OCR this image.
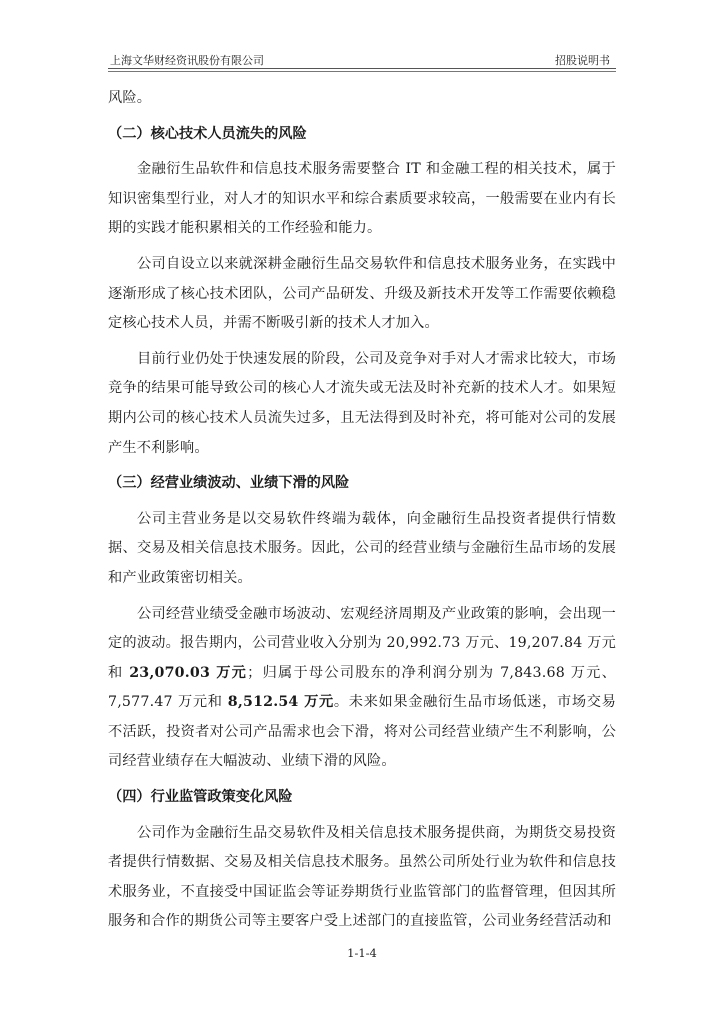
上海文华财经资讯股份有限公司	招股说明书

风险。

（二）核心技术人员流失的风险

金融衍生品软件和信息技术服务需要整合 IT 和金融工程的相关技术，属于知识密集型行业，对人才的知识水平和综合素质要求较高，一般需要在业内有长期的实践才能积累相关的工作经验和能力。

公司自设立以来就深耕金融衍生品交易软件和信息技术服务业务，在实践中逐渐形成了核心技术团队，公司产品研发、升级及新技术开发等工作需要依赖稳定核心技术人员，并需不断吸引新的技术人才加入。

目前行业仍处于快速发展的阶段，公司及竞争对手对人才需求比较大，市场竞争的结果可能导致公司的核心人才流失或无法及时补充新的技术人才。如果短期内公司的核心技术人员流失过多，且无法得到及时补充，将可能对公司的发展产生不利影响。

（三）经营业绩波动、业绩下滑的风险

公司主营业务是以交易软件终端为载体，向金融衍生品投资者提供行情数据、交易及相关信息技术服务。因此，公司的经营业绩与金融衍生品市场的发展和产业政策密切相关。

公司经营业绩受金融市场波动、宏观经济周期及产业政策的影响，会出现一定的波动。报告期内，公司营业收入分别为 20,992.73 万元、19,207.84 万元和 23,070.03 万元；归属于母公司股东的净利润分别为 7,843.68 万元、7,577.47 万元和 8,512.54 万元。未来如果金融衍生品市场低迷，市场交易不活跃，投资者对公司产品需求也会下滑，将对公司经营业绩产生不利影响，公司经营业绩存在大幅波动、业绩下滑的风险。

（四）行业监管政策变化风险

公司作为金融衍生品交易软件及相关信息技术服务提供商，为期货交易投资者提供行情数据、交易及相关信息技术服务。虽然公司所处行业为软件和信息技术服务业，不直接受中国证监会等证券期货行业监管部门的监督管理，但因其所服务和合作的期货公司等主要客户受上述部门的直接监管，公司业务经营活动和

1-1-4
